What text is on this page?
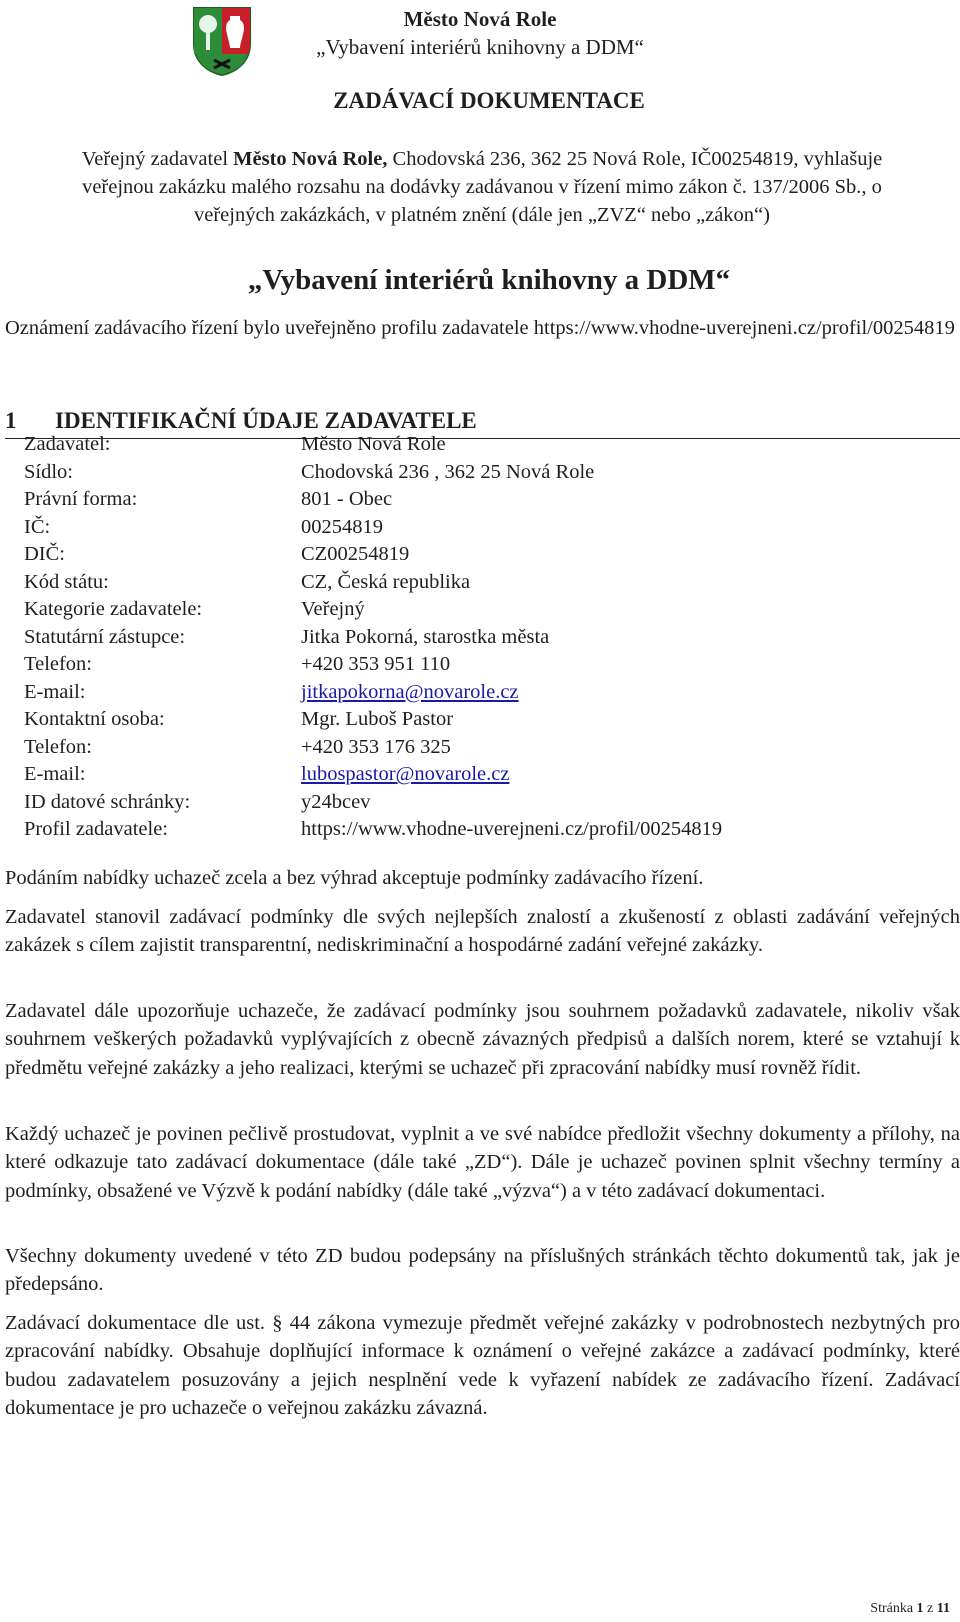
Město Nová Role
„Vybavení interiérů knihovny a DDM“
ZADÁVACÍ DOKUMENTACE
Veřejný zadavatel Město Nová Role, Chodovská 236, 362 25 Nová Role, IČ00254819, vyhlašuje veřejnou zakázku malého rozsahu na dodávky zadávanou v řízení mimo zákon č. 137/2006 Sb., o veřejných zakázkách, v platném znění (dále jen „ZVZ“ nebo „zákon“)
„Vybavení interiérů knihovny a DDM“
Oznámení zadávacího řízení bylo uveřejněno profilu zadavatele https://www.vhodne-uverejneni.cz/profil/00254819
1 IDENTIFIKAČNÍ ÚDAJE ZADAVATELE
Zadavatel:	Město Nová Role
Sídlo:	Chodovská 236 , 362 25 Nová Role
Právní forma:	801 - Obec
IČ:	00254819
DIČ:	CZ00254819
Kód státu:	CZ, Česká republika
Kategorie zadavatele:	Veřejný
Statutární zástupce:	Jitka Pokorná, starostka města
Telefon:	+420 353 951 110
E-mail:	jitkapokorna@novarole.cz
Kontaktní osoba:	Mgr. Luboš Pastor
Telefon:	+420 353 176 325
E-mail:	lubospastor@novarole.cz
ID datové schránky:	y24bcev
Profil zadavatele:	https://www.vhodne-uverejneni.cz/profil/00254819
Podáním nabídky uchazeč zcela a bez výhrad akceptuje podmínky zadávacího řízení.
Zadavatel stanovil zadávací podmínky dle svých nejlepších znalostí a zkušeností z oblasti zadávání veřejných zakázek s cílem zajistit transparentní, nediskriminační a hospodárné zadání veřejné zakázky.
Zadavatel dále upozorňuje uchazeče, že zadávací podmínky jsou souhrnem požadavků zadavatele, nikoliv však souhrnem veškerých požadavků vyplývajících z obecně závazných předpisů a dalších norem, které se vztahují k předmětu veřejné zakázky a jeho realizaci, kterými se uchazeč při zpracování nabídky musí rovněž řídit.
Každý uchazeč je povinen pečlivě prostudovat, vyplnit a ve své nabídce předložit všechny dokumenty a přílohy, na které odkazuje tato zadávací dokumentace (dále také „ZD“). Dále je uchazeč povinen splnit všechny termíny a podmínky, obsažené ve Výzvě k podání nabídky (dále také „výzva“) a v této zadávací dokumentaci.
Všechny dokumenty uvedené v této ZD budou podepsány na příslušných stránkách těchto dokumentů tak, jak je předepsáno.
Zadávací dokumentace dle ust. § 44 zákona vymezuje předmět veřejné zakázky v podrobnostech nezbytných pro zpracování nabídky. Obsahuje doplňující informace k oznámení o veřejné zakázce a zadávací podmínky, které budou zadavatelem posuzovány a jejich nesplnění vede k vyřazení nabídek ze zadávacího řízení. Zadávací dokumentace je pro uchazeče o veřejnou zakázku závazná.
Stránka 1 z 11
